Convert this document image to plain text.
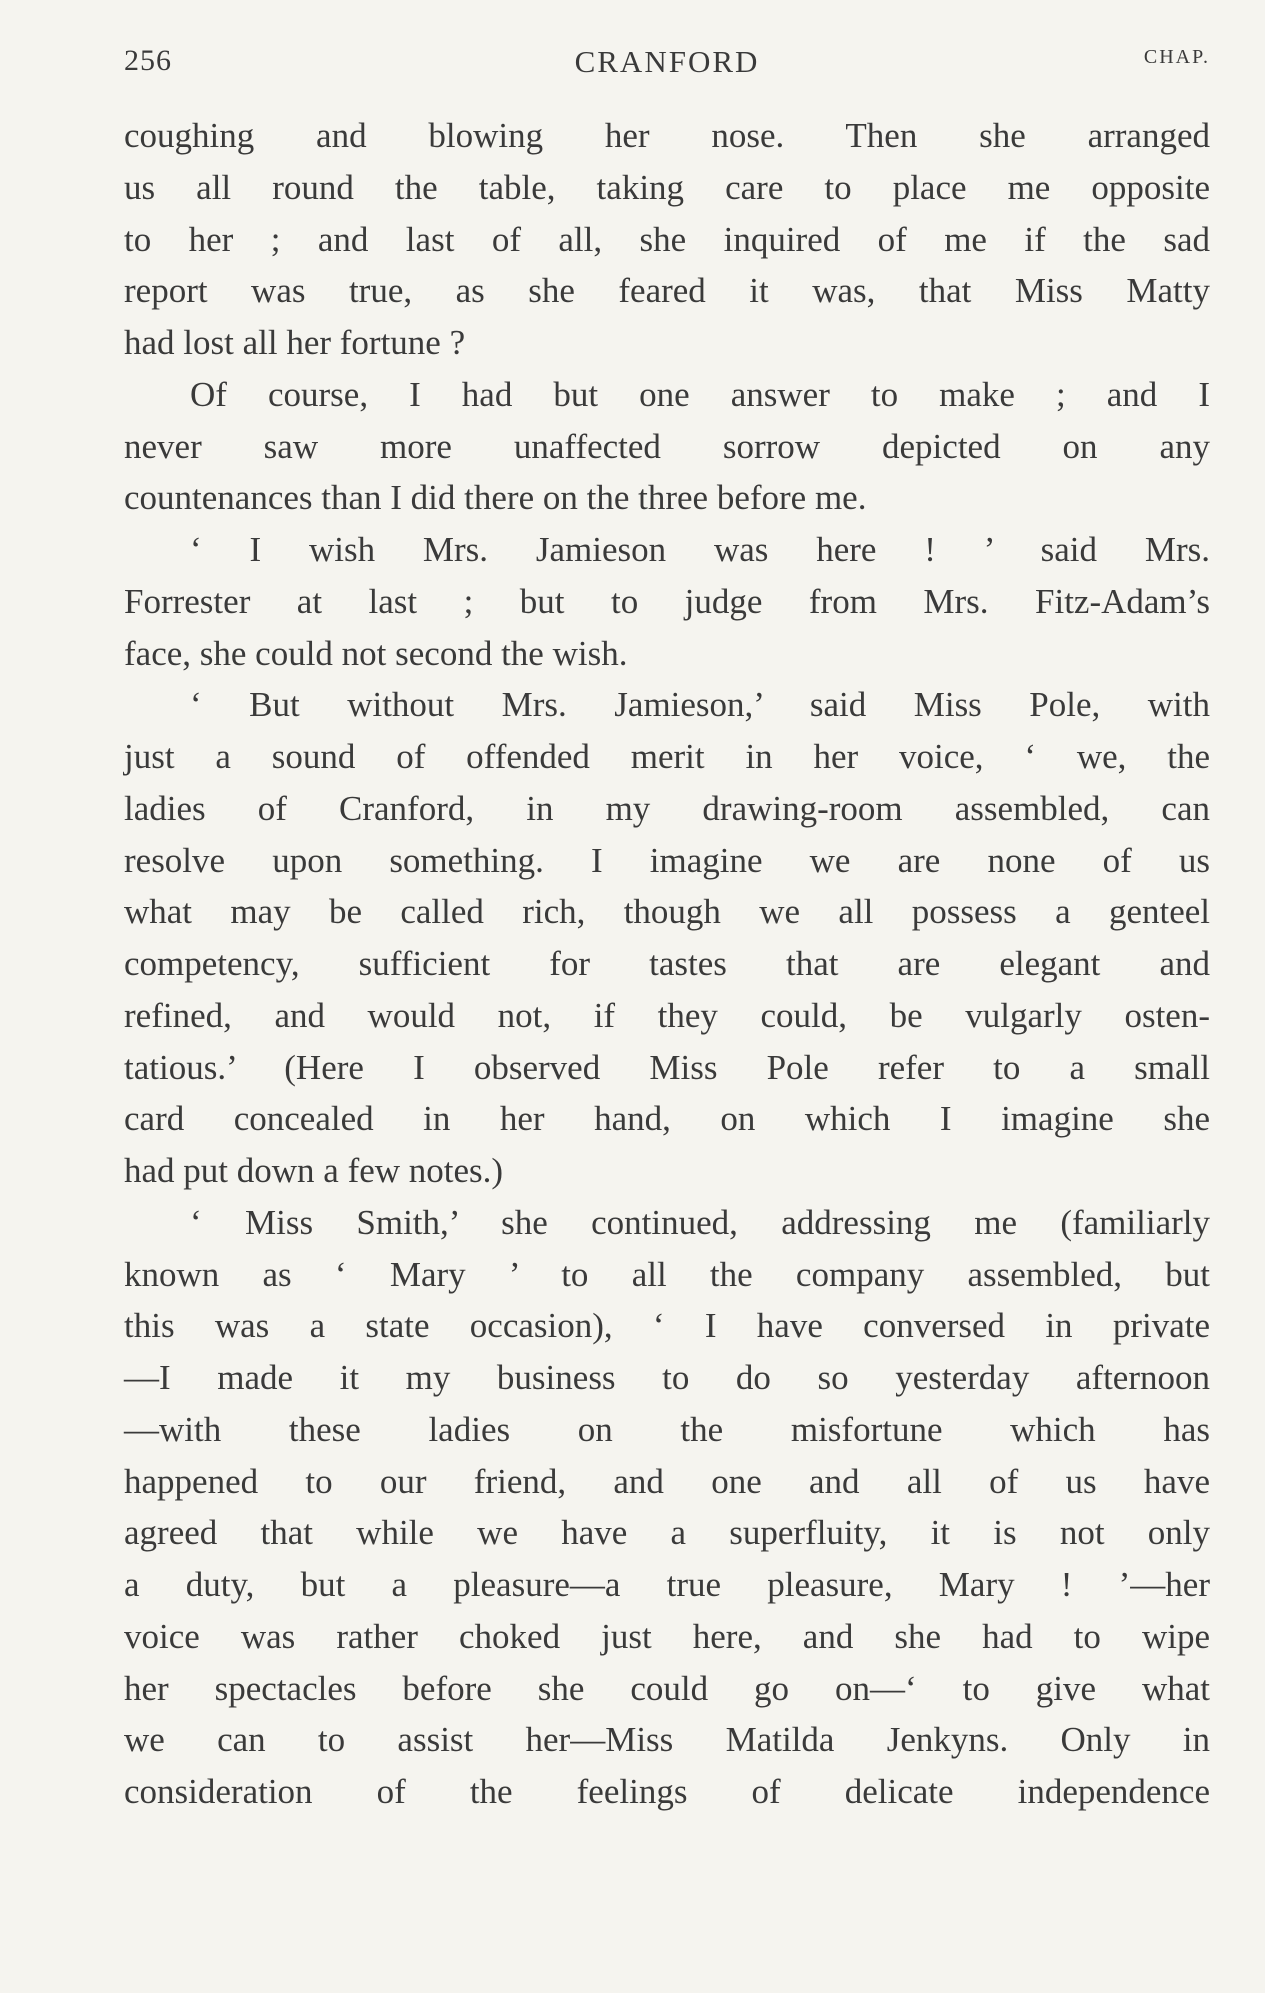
256	CRANFORD	CHAP.
coughing and blowing her nose. Then she arranged
us all round the table, taking care to place me opposite
to her ; and last of all, she inquired of me if the sad
report was true, as she feared it was, that Miss Matty
had lost all her fortune ?
Of course, I had but one answer to make ; and I
never saw more unaffected sorrow depicted on any
countenances than I did there on the three before me.
‘ I wish Mrs. Jamieson was here ! ’ said Mrs.
Forrester at last ; but to judge from Mrs. Fitz-Adam’s
face, she could not second the wish.
‘ But without Mrs. Jamieson,’ said Miss Pole, with
just a sound of offended merit in her voice, ‘ we, the
ladies of Cranford, in my drawing-room assembled, can
resolve upon something. I imagine we are none of us
what may be called rich, though we all possess a genteel
competency, sufficient for tastes that are elegant and
refined, and would not, if they could, be vulgarly osten-
tatious.’ (Here I observed Miss Pole refer to a small
card concealed in her hand, on which I imagine she
had put down a few notes.)
‘ Miss Smith,’ she continued, addressing me (familiarly
known as ‘ Mary ’ to all the company assembled, but
this was a state occasion), ‘ I have conversed in private
—I made it my business to do so yesterday afternoon
—with these ladies on the misfortune which has
happened to our friend, and one and all of us have
agreed that while we have a superfluity, it is not only
a duty, but a pleasure—a true pleasure, Mary ! ’—her
voice was rather choked just here, and she had to wipe
her spectacles before she could go on—‘ to give what
we can to assist her—Miss Matilda Jenkyns. Only in
consideration of the feelings of delicate independence
